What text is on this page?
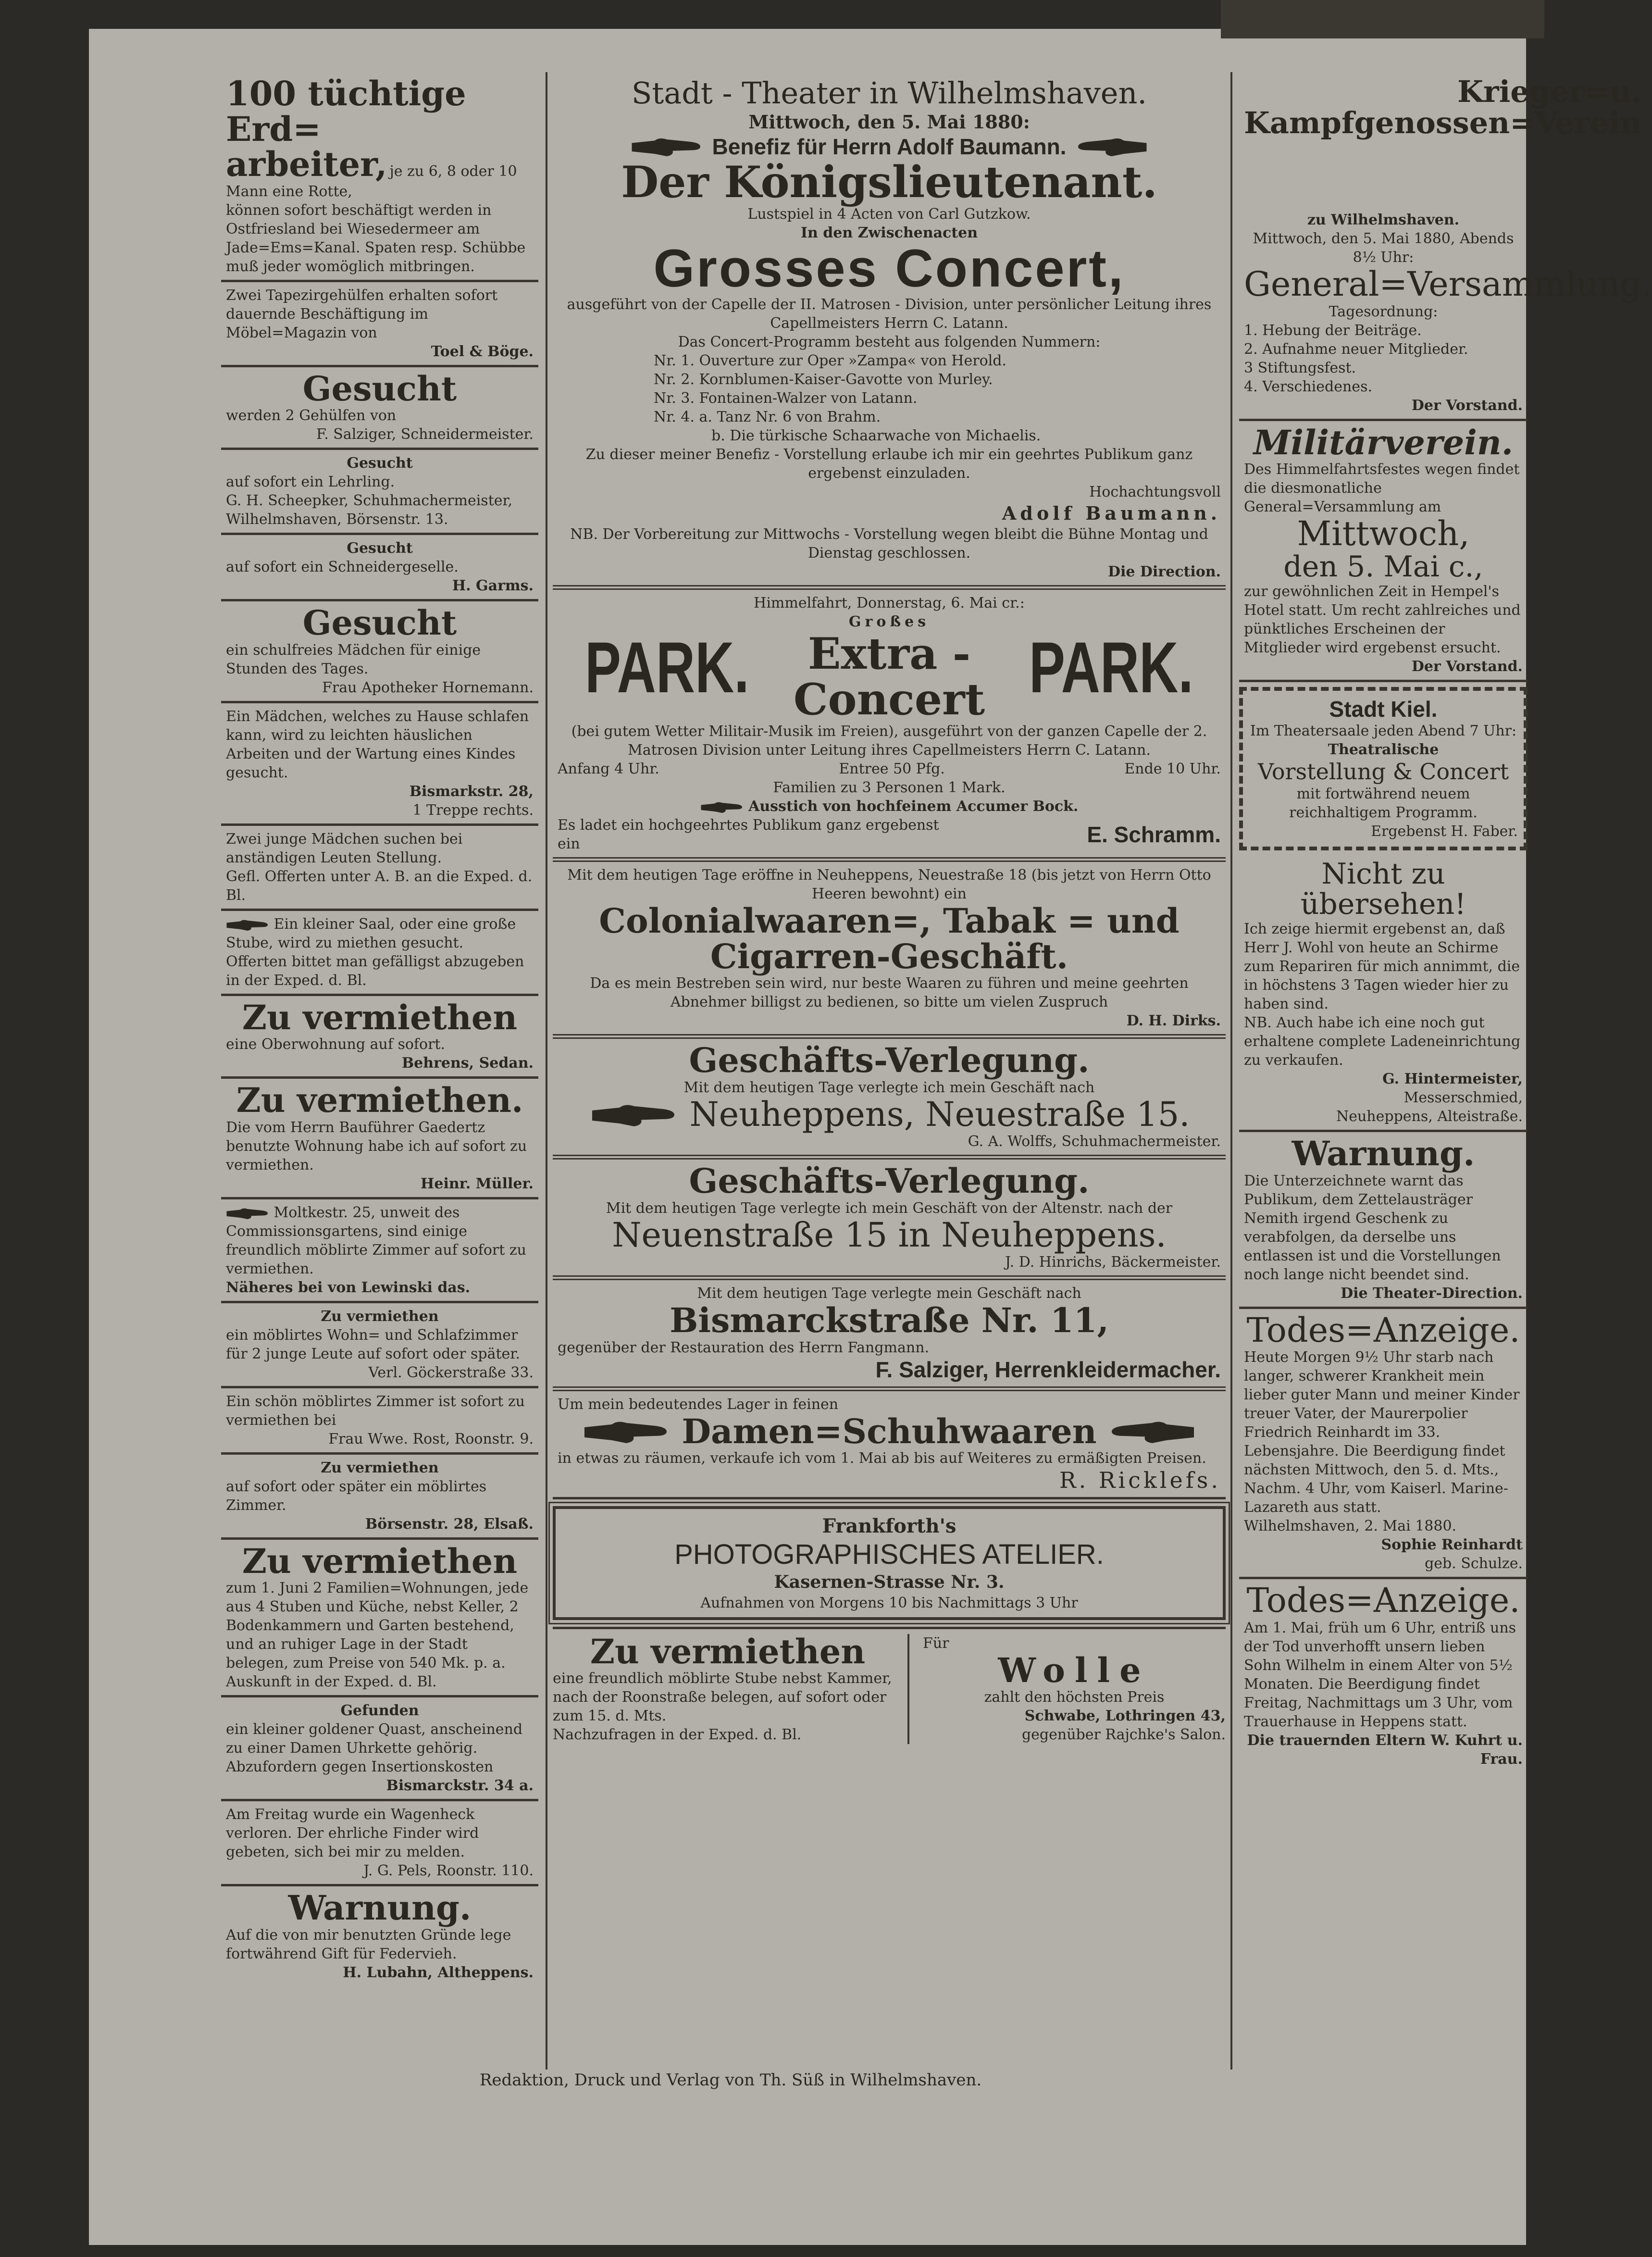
100 tüchtige Erd=
arbeiter, je zu 6, 8 oder 10 Mann eine Rotte,
können sofort beschäftigt werden in Ostfriesland bei Wiesedermeer am Jade=Ems=Kanal. Spaten resp. Schübbe muß jeder womöglich mitbringen.
Zwei Tapezirgehülfen erhalten sofort dauernde Beschäftigung im Möbel=Magazin von
Toel & Böge.
Gesucht
werden 2 Gehülfen von
F. Salziger, Schneidermeister.
Gesucht
auf sofort ein Lehrling.
G. H. Scheepker, Schuhmachermeister,
Wilhelmshaven, Börsenstr. 13.
Gesucht
auf sofort ein Schneidergeselle.
H. Garms.
Gesucht
ein schulfreies Mädchen für einige Stunden des Tages.
Frau Apotheker Hornemann.
Ein Mädchen, welches zu Hause schlafen kann, wird zu leichten häuslichen Arbeiten und der Wartung eines Kindes gesucht.
Bismarkstr. 28,
1 Treppe rechts.
Zwei junge Mädchen suchen bei anständigen Leuten Stellung.
Gefl. Offerten unter A. B. an die Exped. d. Bl.
Ein kleiner Saal, oder eine große Stube, wird zu miethen gesucht.
Offerten bittet man gefälligst abzugeben in der Exped. d. Bl.
Zu vermiethen
eine Oberwohnung auf sofort.
Behrens, Sedan.
Zu vermiethen.
Die vom Herrn Bauführer Gaedertz benutzte Wohnung habe ich auf sofort zu vermiethen.
Heinr. Müller.
Moltkestr. 25, unweit des Commissionsgartens, sind einige freundlich möblirte Zimmer auf sofort zu vermiethen.
Näheres bei von Lewinski das.
Zu vermiethen
ein möblirtes Wohn= und Schlafzimmer für 2 junge Leute auf sofort oder später.
Verl. Göckerstraße 33.
Ein schön möblirtes Zimmer ist sofort zu vermiethen bei
Frau Wwe. Rost, Roonstr. 9.
Zu vermiethen
auf sofort oder später ein möblirtes Zimmer.
Börsenstr. 28, Elsaß.
Zu vermiethen
zum 1. Juni 2 Familien=Wohnungen, jede aus 4 Stuben und Küche, nebst Keller, 2 Bodenkammern und Garten bestehend, und an ruhiger Lage in der Stadt belegen, zum Preise von 540 Mk. p. a.
Auskunft in der Exped. d. Bl.
Gefunden
ein kleiner goldener Quast, anscheinend zu einer Damen Uhrkette gehörig. Abzufordern gegen Insertionskosten
Bismarckstr. 34 a.
Am Freitag wurde ein Wagenheck verloren. Der ehrliche Finder wird gebeten, sich bei mir zu melden.
J. G. Pels, Roonstr. 110.
Warnung.
Auf die von mir benutzten Gründe lege fortwährend Gift für Federvieh.
H. Lubahn, Altheppens.
Stadt - Theater in Wilhelmshaven.
Mittwoch, den 5. Mai 1880:
Benefiz für Herrn Adolf Baumann.
Der Königslieutenant.
Lustspiel in 4 Acten von Carl Gutzkow.
In den Zwischenacten
Grosses Concert,
ausgeführt von der Capelle der II. Matrosen - Division, unter persönlicher Leitung ihres Capellmeisters Herrn C. Latann.
Das Concert-Programm besteht aus folgenden Nummern:
Nr. 1. Ouverture zur Oper »Zampa« von Herold.
Nr. 2. Kornblumen-Kaiser-Gavotte von Murley.
Nr. 3. Fontainen-Walzer von Latann.
Nr. 4. a. Tanz Nr. 6 von Brahm.
b. Die türkische Schaarwache von Michaelis.
Zu dieser meiner Benefiz - Vorstellung erlaube ich mir ein geehrtes Publikum ganz ergebenst einzuladen.
Hochachtungsvoll
Adolf Baumann.
NB. Der Vorbereitung zur Mittwochs - Vorstellung wegen bleibt die Bühne Montag und Dienstag geschlossen.
Die Direction.
Himmelfahrt, Donnerstag, 6. Mai cr.:
PARK.
Großes
Extra - Concert PARK.
(bei gutem Wetter Militair-Musik im Freien), ausgeführt von der ganzen Capelle der 2. Matrosen Division unter Leitung ihres Capellmeisters Herrn C. Latann.
Anfang 4 Uhr.	Entree 50 Pfg.	Ende 10 Uhr.
Familien zu 3 Personen 1 Mark.
Ausstich von hochfeinem Accumer Bock.
Es ladet ein hochgeehrtes Publikum ganz ergebenst ein	E. Schramm.
Mit dem heutigen Tage eröffne in Neuheppens, Neuestraße 18 (bis jetzt von Herrn Otto Heeren bewohnt) ein
Colonialwaaren=, Tabak = und
Cigarren-Geschäft.
Da es mein Bestreben sein wird, nur beste Waaren zu führen und meine geehrten Abnehmer billigst zu bedienen, so bitte um vielen Zuspruch
D. H. Dirks.
Geschäfts-Verlegung.
Mit dem heutigen Tage verlegte ich mein Geschäft nach
Neuheppens, Neuestraße 15.
G. A. Wolffs, Schuhmachermeister.
Geschäfts-Verlegung.
Mit dem heutigen Tage verlegte ich mein Geschäft von der Altenstr. nach der
Neuenstraße 15 in Neuheppens.
J. D. Hinrichs, Bäckermeister.
Mit dem heutigen Tage verlegte mein Geschäft nach
Bismarckstraße Nr. 11,
gegenüber der Restauration des Herrn Fangmann.
F. Salziger, Herrenkleidermacher.
Um mein bedeutendes Lager in feinen
Damen=Schuhwaaren
in etwas zu räumen, verkaufe ich vom 1. Mai ab bis auf Weiteres zu ermäßigten Preisen.
R. Ricklefs.
Frankforth's
PHOTOGRAPHISCHES ATELIER.
Kasernen-Strasse Nr. 3.
Aufnahmen von Morgens 10 bis Nachmittags 3 Uhr
Zu vermiethen
eine freundlich möblirte Stube nebst Kammer, nach der Roonstraße belegen, auf sofort oder zum 15. d. Mts.
Nachzufragen in der Exped. d. Bl.
Für
Wolle
zahlt den höchsten Preis
Schwabe, Lothringen 43,
gegenüber Rajchke's Salon.
Krieger=u. Kampfgenossen=Verein
zu Wilhelmshaven.
Mittwoch, den 5. Mai 1880, Abends 8½ Uhr:
General=Versammlung.
Tagesordnung:
1. Hebung der Beiträge.
2. Aufnahme neuer Mitglieder.
3 Stiftungsfest.
4. Verschiedenes.
Der Vorstand.
Militärverein.
Des Himmelfahrtsfestes wegen findet die diesmonatliche General=Versammlung am
Mittwoch,
den 5. Mai c.,
zur gewöhnlichen Zeit in Hempel's Hotel statt. Um recht zahlreiches und pünktliches Erscheinen der Mitglieder wird ergebenst ersucht.
Der Vorstand.
Stadt Kiel.
Im Theatersaale jeden Abend 7 Uhr:
Theatralische
Vorstellung & Concert
mit fortwährend neuem reichhaltigem Programm.
Ergebenst H. Faber.
Nicht zu übersehen!
Ich zeige hiermit ergebenst an, daß Herr J. Wohl von heute an Schirme zum Repariren für mich annimmt, die in höchstens 3 Tagen wieder hier zu haben sind.
NB. Auch habe ich eine noch gut erhaltene complete Ladeneinrichtung zu verkaufen.
G. Hintermeister,
Messerschmied,
Neuheppens, Alteistraße.
Warnung.
Die Unterzeichnete warnt das Publikum, dem Zettelausträger Nemith irgend Geschenk zu verabfolgen, da derselbe uns entlassen ist und die Vorstellungen noch lange nicht beendet sind.
Die Theater-Direction.
Todes=Anzeige.
Heute Morgen 9½ Uhr starb nach langer, schwerer Krankheit mein lieber guter Mann und meiner Kinder treuer Vater, der Maurerpolier Friedrich Reinhardt im 33. Lebensjahre. Die Beerdigung findet nächsten Mittwoch, den 5. d. Mts., Nachm. 4 Uhr, vom Kaiserl. Marine-Lazareth aus statt.
Wilhelmshaven, 2. Mai 1880.
Sophie Reinhardt
geb. Schulze.
Todes=Anzeige.
Am 1. Mai, früh um 6 Uhr, entriß uns der Tod unverhofft unsern lieben Sohn Wilhelm in einem Alter von 5½ Monaten. Die Beerdigung findet Freitag, Nachmittags um 3 Uhr, vom Trauerhause in Heppens statt.
Die trauernden Eltern W. Kuhrt u. Frau.
Redaktion, Druck und Verlag von Th. Süß in Wilhelmshaven.
